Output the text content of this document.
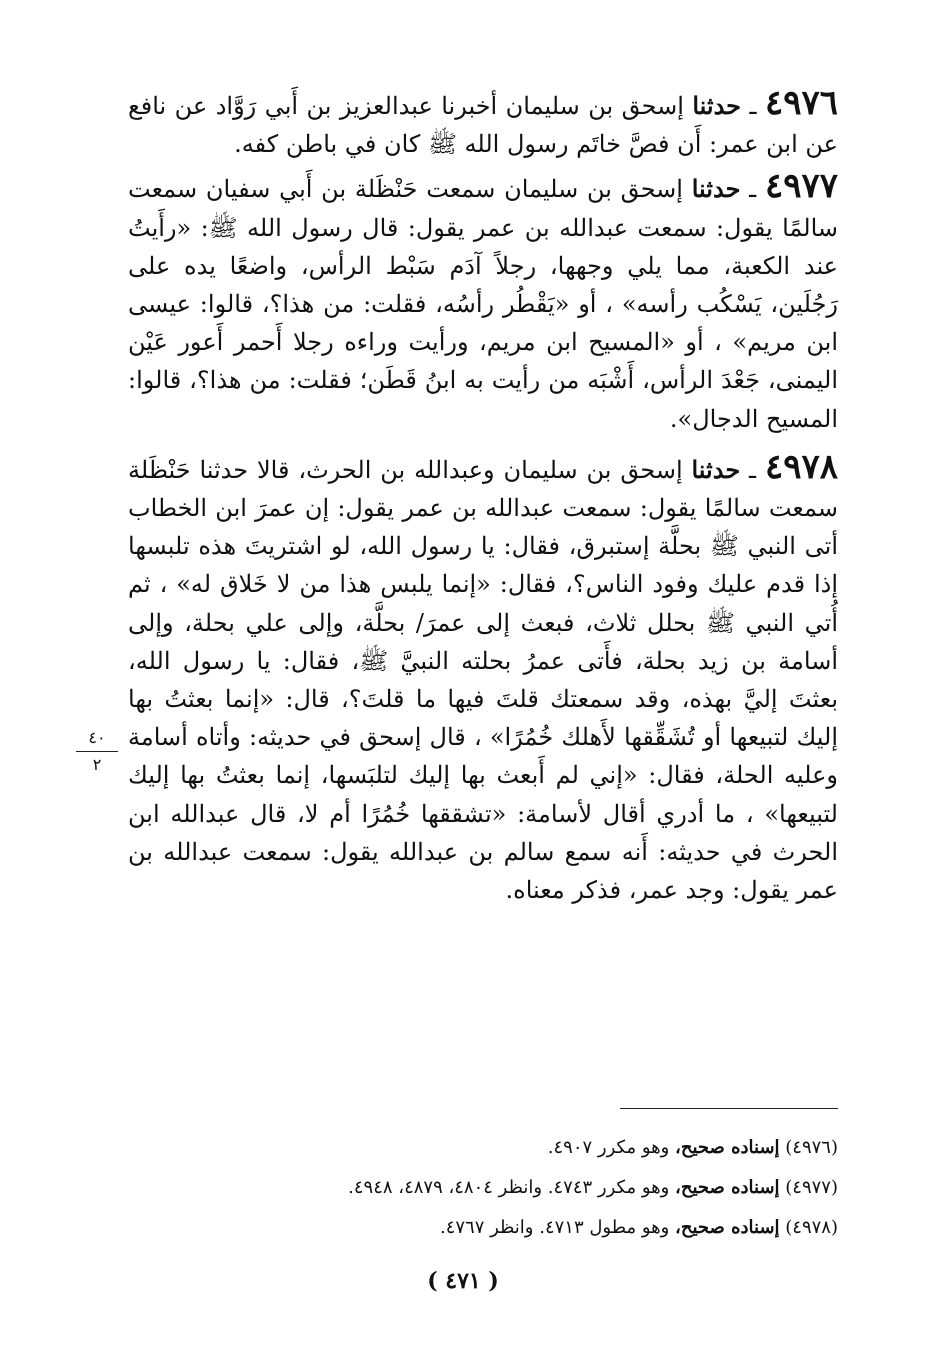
٤٩٧٦ ـ حدثنا إسحق بن سليمان أخبرنا عبدالعزيز بن أَبي رَوَّاد عن نافع عن ابن عمر: أَن فصَّ خاتَم رسول الله ﷺ كان في باطن كفه.

٤٩٧٧ ـ حدثنا إسحق بن سليمان سمعت حَنْظَلة بن أَبي سفيان سمعت سالمًا يقول: سمعت عبدالله بن عمر يقول: قال رسول الله ﷺ: «رأَيتُ عند الكعبة، مما يلي وجهها، رجلاً آدَم سَبْط الرأس، واضعًا يده على رَجُلَين، يَسْكُب رأسه» ، أو «يَقْطُر رأسُه، فقلت: من هذا؟، قالوا: عيسى ابن مريم» ، أو «المسيح ابن مريم، ورأيت وراءه رجلا أَحمر أَعور عَيْن اليمنى، جَعْدَ الرأس، أَشْبَه من رأيت به ابنُ قَطَن؛ فقلت: من هذا؟، قالوا: المسيح الدجال».

٤٩٧٨ ـ حدثنا إسحق بن سليمان وعبدالله بن الحرث، قالا حدثنا حَنْظَلة سمعت سالمًا يقول: سمعت عبدالله بن عمر يقول: إن عمرَ ابن الخطاب أتى النبي ﷺ بحلَّة إستبرق، فقال: يا رسول الله، لو اشتريتَ هذه تلبسها إذا قدم عليك وفود الناس؟، فقال: «إنما يلبس هذا من لا خَلاق له» ، ثم أُتي النبي ﷺ بحلل ثلاث، فبعث إلى عمرَ/ بحلَّة، وإلى علي بحلة، وإلى أسامة بن زيد بحلة، فأَتى عمرُ بحلته النبيَّ ﷺ، فقال: يا رسول الله، بعثتَ إليَّ بهذه، وقد سمعتك قلتَ فيها ما قلتَ؟، قال: «إنما بعثتُ بها إليك لتبيعها أو تُشَقِّقها لأَهلك خُمُرًا» ، قال إسحق في حديثه: وأتاه أسامة وعليه الحلة، فقال: «إني لم أَبعث بها إليك لتلبَسها، إنما بعثتُ بها إليك لتبيعها» ، ما أدري أقال لأسامة: «تشققها خُمُرًا أم لا، قال عبدالله ابن الحرث في حديثه: أَنه سمع سالم بن عبدالله يقول: سمعت عبدالله بن عمر يقول: وجد عمر، فذكر معناه.

٤٠
٢
(٤٩٧٦) إسناده صحيح، وهو مكرر ٤٩٠٧.
(٤٩٧٧) إسناده صحيح، وهو مكرر ٤٧٤٣. وانظر ٤٨٠٤، ٤٨٧٩، ٤٩٤٨.
(٤٩٧٨) إسناده صحيح، وهو مطول ٤٧١٣. وانظر ٤٧٦٧.
( ٤٧١ )
